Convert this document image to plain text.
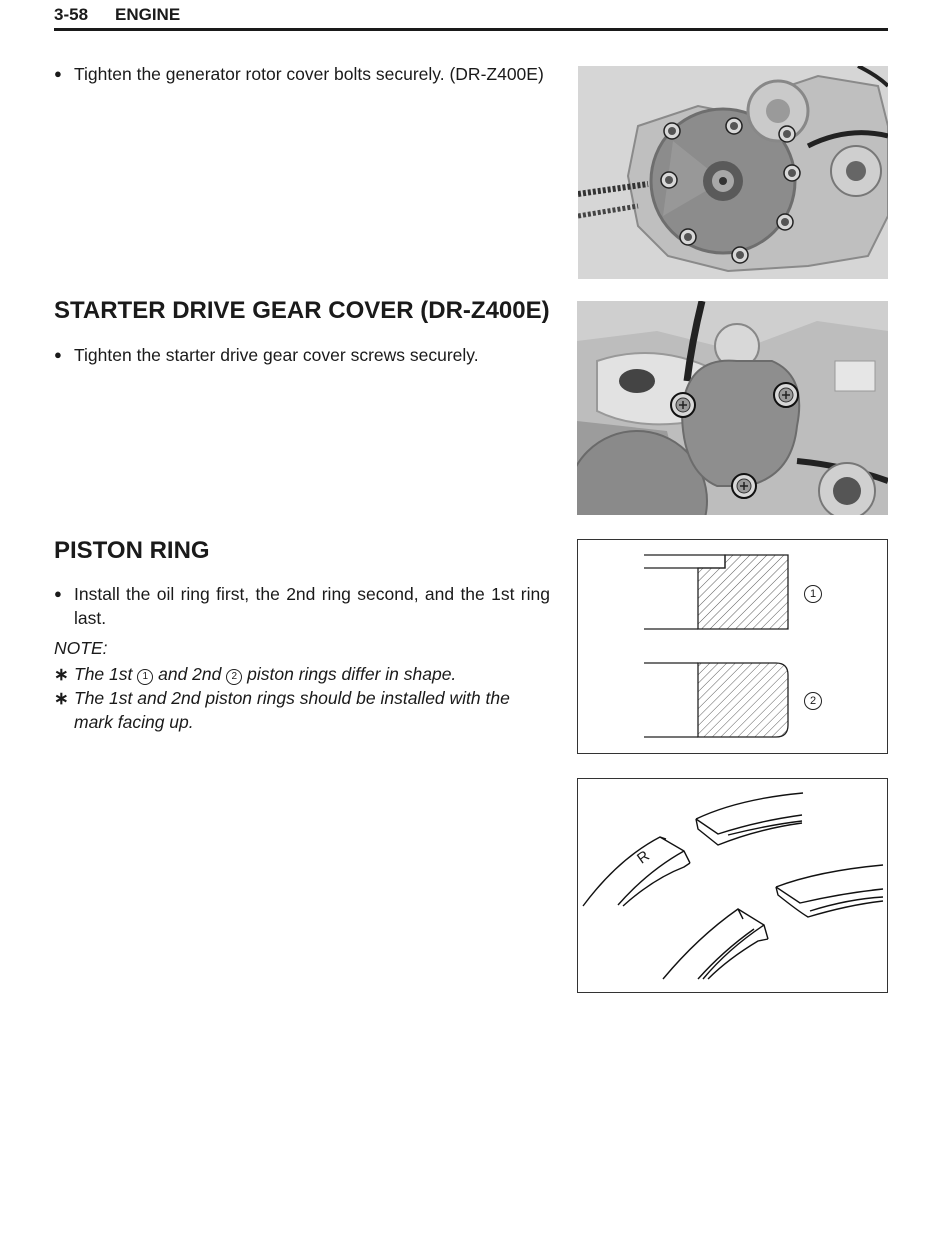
3-58 ENGINE
● Tighten the generator rotor cover bolts securely. (DR-Z400E)
STARTER DRIVE GEAR COVER (DR-Z400E)
● Tighten the starter drive gear cover screws securely.
PISTON RING
● Install the oil ring first, the 2nd ring second, and the 1st ring last.
NOTE:
∗ The 1st 1 and 2nd 2 piston rings differ in shape.
∗ The 1st and 2nd piston rings should be installed with the mark facing up.
1
2
R
